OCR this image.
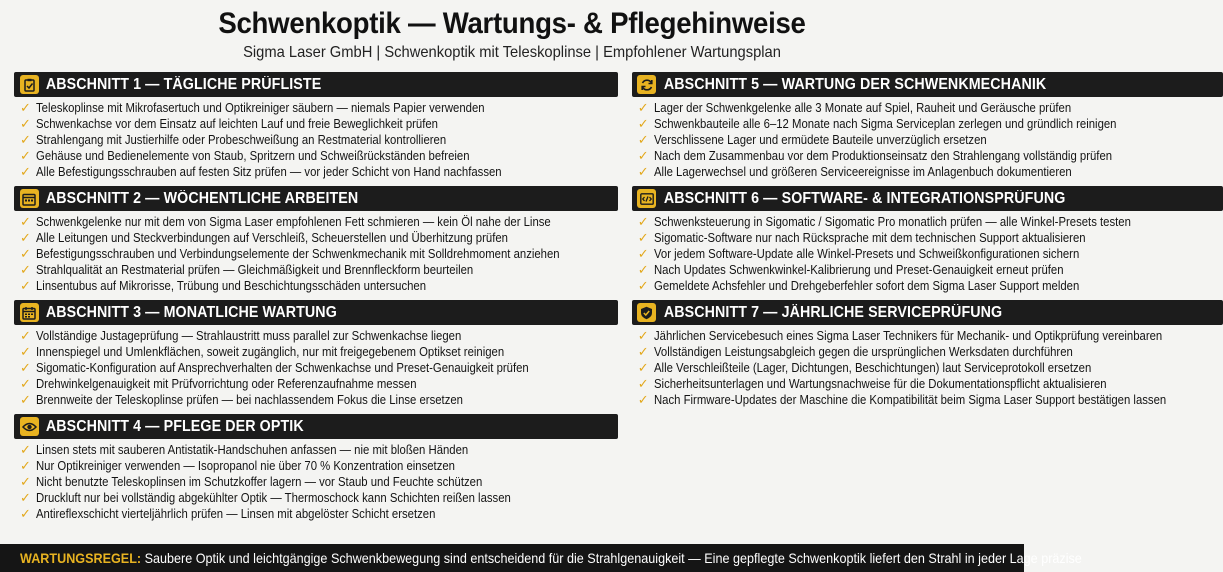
Schwenkoptik — Wartungs- & Pflegehinweise
Sigma Laser GmbH | Schwenkoptik mit Teleskoplinse | Empfohlener Wartungsplan
ABSCHNITT 1 — TÄGLICHE PRÜFLISTE
✓ Teleskoplinse mit Mikrofasertuch und Optikreiniger säubern — niemals Papier verwenden
✓ Schwenkachse vor dem Einsatz auf leichten Lauf und freie Beweglichkeit prüfen
✓ Strahlengang mit Justierhilfe oder Probeschweißung an Restmaterial kontrollieren
✓ Gehäuse und Bedienelemente von Staub, Spritzern und Schweißrückständen befreien
✓ Alle Befestigungsschrauben auf festen Sitz prüfen — vor jeder Schicht von Hand nachfassen
ABSCHNITT 2 — WÖCHENTLICHE ARBEITEN
✓ Schwenkgelenke nur mit dem von Sigma Laser empfohlenen Fett schmieren — kein Öl nahe der Linse
✓ Alle Leitungen und Steckverbindungen auf Verschleiß, Scheuerstellen und Überhitzung prüfen
✓ Befestigungsschrauben und Verbindungselemente der Schwenkmechanik mit Solldrehmoment anziehen
✓ Strahlqualität an Restmaterial prüfen — Gleichmäßigkeit und Brennfleckform beurteilen
✓ Linsentubus auf Mikrorisse, Trübung und Beschichtungsschäden untersuchen
ABSCHNITT 3 — MONATLICHE WARTUNG
✓ Vollständige Justageprüfung — Strahlaustritt muss parallel zur Schwenkachse liegen
✓ Innenspiegel und Umlenkflächen, soweit zugänglich, nur mit freigegebenem Optikset reinigen
✓ Sigomatic-Konfiguration auf Ansprechverhalten der Schwenkachse und Preset-Genauigkeit prüfen
✓ Drehwinkelgenauigkeit mit Prüfvorrichtung oder Referenzaufnahme messen
✓ Brennweite der Teleskoplinse prüfen — bei nachlassendem Fokus die Linse ersetzen
ABSCHNITT 4 — PFLEGE DER OPTIK
✓ Linsen stets mit sauberen Antistatik-Handschuhen anfassen — nie mit bloßen Händen
✓ Nur Optikreiniger verwenden — Isopropanol nie über 70 % Konzentration einsetzen
✓ Nicht benutzte Teleskoplinsen im Schutzkoffer lagern — vor Staub und Feuchte schützen
✓ Druckluft nur bei vollständig abgekühlter Optik — Thermoschock kann Schichten reißen lassen
✓ Antireflexschicht vierteljährlich prüfen — Linsen mit abgelöster Schicht ersetzen
ABSCHNITT 5 — WARTUNG DER SCHWENKMECHANIK
✓ Lager der Schwenkgelenke alle 3 Monate auf Spiel, Rauheit und Geräusche prüfen
✓ Schwenkbauteile alle 6–12 Monate nach Sigma Serviceplan zerlegen und gründlich reinigen
✓ Verschlissene Lager und ermüdete Bauteile unverzüglich ersetzen
✓ Nach dem Zusammenbau vor dem Produktionseinsatz den Strahlengang vollständig prüfen
✓ Alle Lagerwechsel und größeren Serviceereignisse im Anlagenbuch dokumentieren
ABSCHNITT 6 — SOFTWARE- & INTEGRATIONSPRÜFUNG
✓ Schwenksteuerung in Sigomatic / Sigomatic Pro monatlich prüfen — alle Winkel-Presets testen
✓ Sigomatic-Software nur nach Rücksprache mit dem technischen Support aktualisieren
✓ Vor jedem Software-Update alle Winkel-Presets und Schweißkonfigurationen sichern
✓ Nach Updates Schwenkwinkel-Kalibrierung und Preset-Genauigkeit erneut prüfen
✓ Gemeldete Achsfehler und Drehgeberfehler sofort dem Sigma Laser Support melden
ABSCHNITT 7 — JÄHRLICHE SERVICEPRÜFUNG
✓ Jährlichen Servicebesuch eines Sigma Laser Technikers für Mechanik- und Optikprüfung vereinbaren
✓ Vollständigen Leistungsabgleich gegen die ursprünglichen Werksdaten durchführen
✓ Alle Verschleißteile (Lager, Dichtungen, Beschichtungen) laut Serviceprotokoll ersetzen
✓ Sicherheitsunterlagen und Wartungsnachweise für die Dokumentationspflicht aktualisieren
✓ Nach Firmware-Updates der Maschine die Kompatibilität beim Sigma Laser Support bestätigen lassen
WARTUNGSREGEL: Saubere Optik und leichtgängige Schwenkbewegung sind entscheidend für die Strahlgenauigkeit — Eine gepflegte Schwenkoptik liefert den Strahl in jeder Lage präzise
